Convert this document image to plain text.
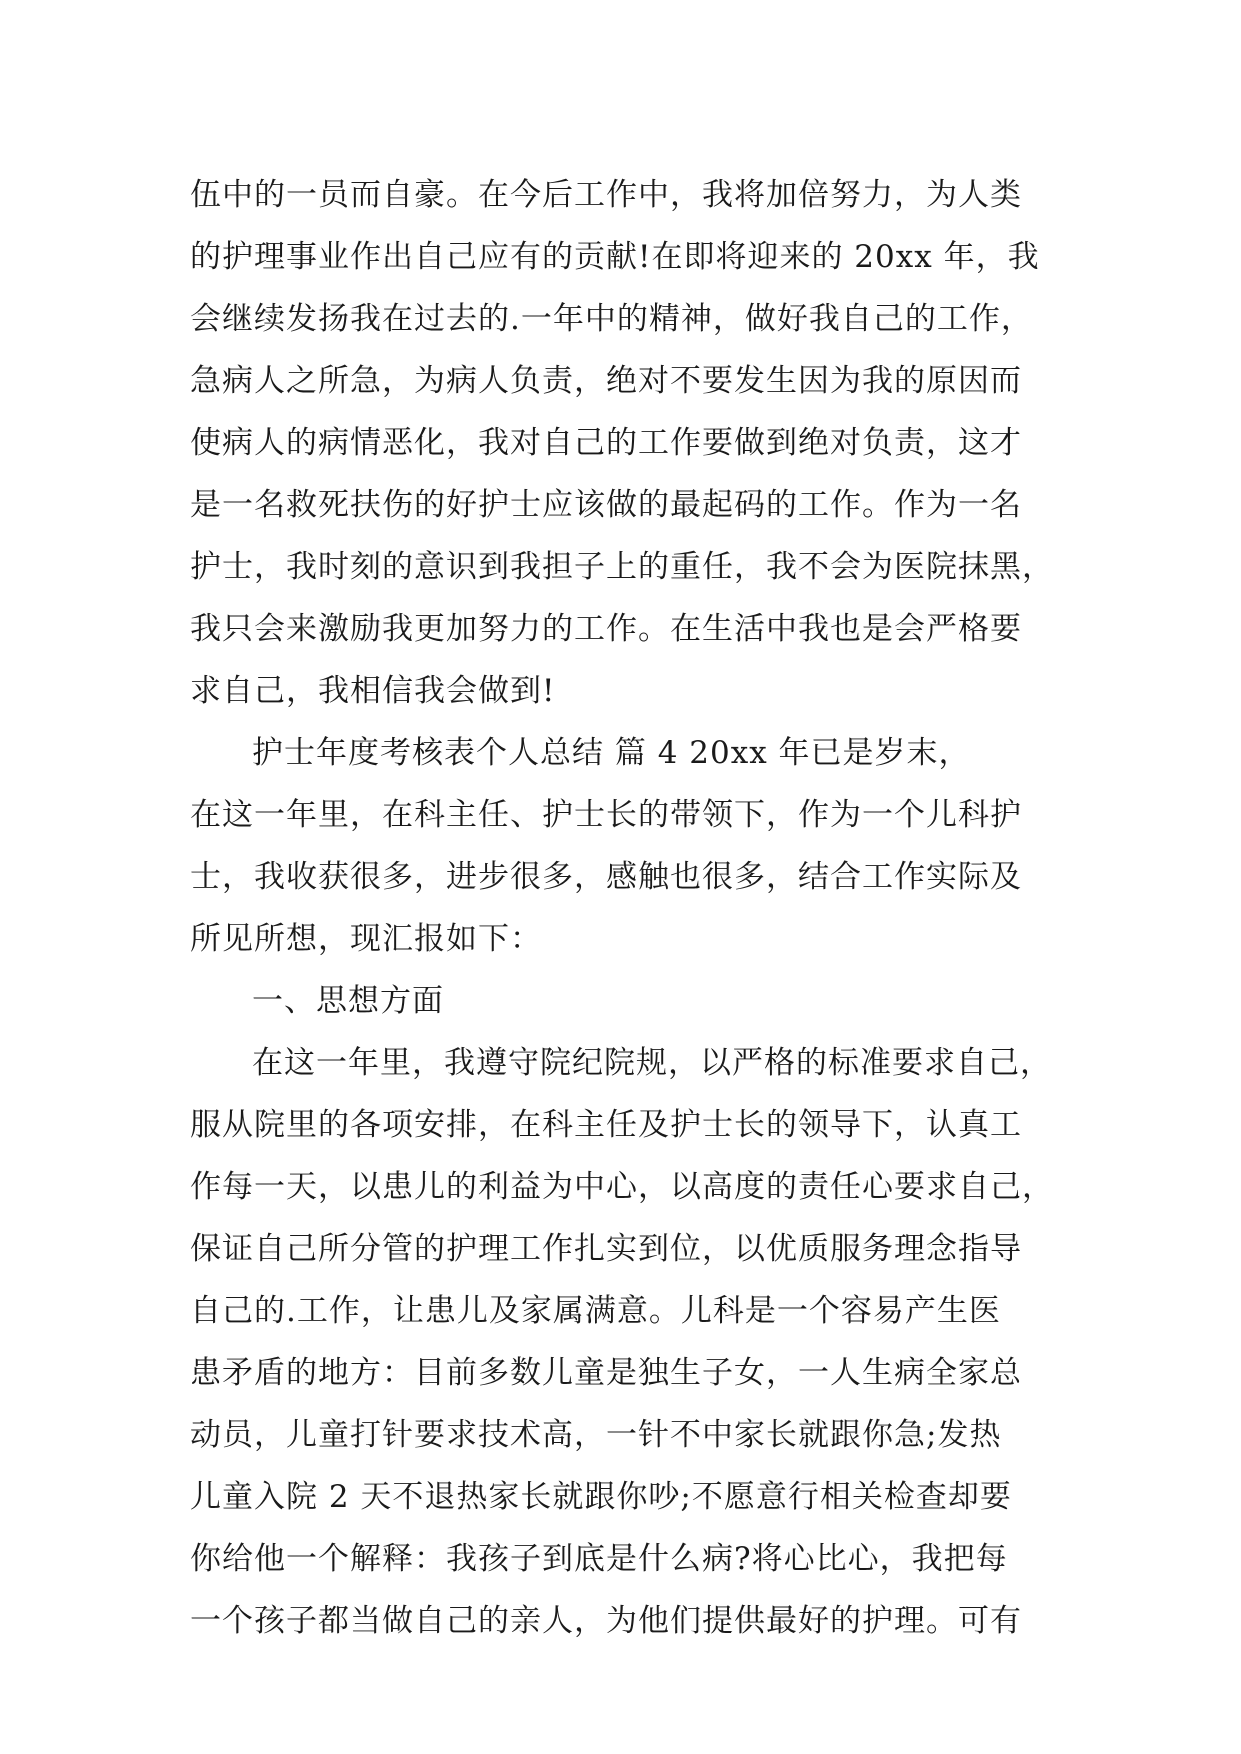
伍中的一员而自豪。在今后工作中，我将加倍努力，为人类
的护理事业作出自己应有的贡献!在即将迎来的 20xx 年，我
会继续发扬我在过去的.一年中的精神，做好我自己的工作，
急病人之所急，为病人负责，绝对不要发生因为我的原因而
使病人的病情恶化，我对自己的工作要做到绝对负责，这才
是一名救死扶伤的好护士应该做的最起码的工作。作为一名
护士，我时刻的意识到我担子上的重任，我不会为医院抹黑，
我只会来激励我更加努力的工作。在生活中我也是会严格要
求自己，我相信我会做到!
护士年度考核表个人总结 篇 4 20xx 年已是岁末，
在这一年里，在科主任、护士长的带领下，作为一个儿科护
士，我收获很多，进步很多，感触也很多，结合工作实际及
所见所想，现汇报如下：
一、思想方面
在这一年里，我遵守院纪院规，以严格的标准要求自己，
服从院里的各项安排，在科主任及护士长的领导下，认真工
作每一天，以患儿的利益为中心，以高度的责任心要求自己，
保证自己所分管的护理工作扎实到位，以优质服务理念指导
自己的.工作，让患儿及家属满意。儿科是一个容易产生医
患矛盾的地方：目前多数儿童是独生子女，一人生病全家总
动员，儿童打针要求技术高，一针不中家长就跟你急;发热
儿童入院 2 天不退热家长就跟你吵;不愿意行相关检查却要
你给他一个解释：我孩子到底是什么病?将心比心，我把每
一个孩子都当做自己的亲人，为他们提供最好的护理。可有
